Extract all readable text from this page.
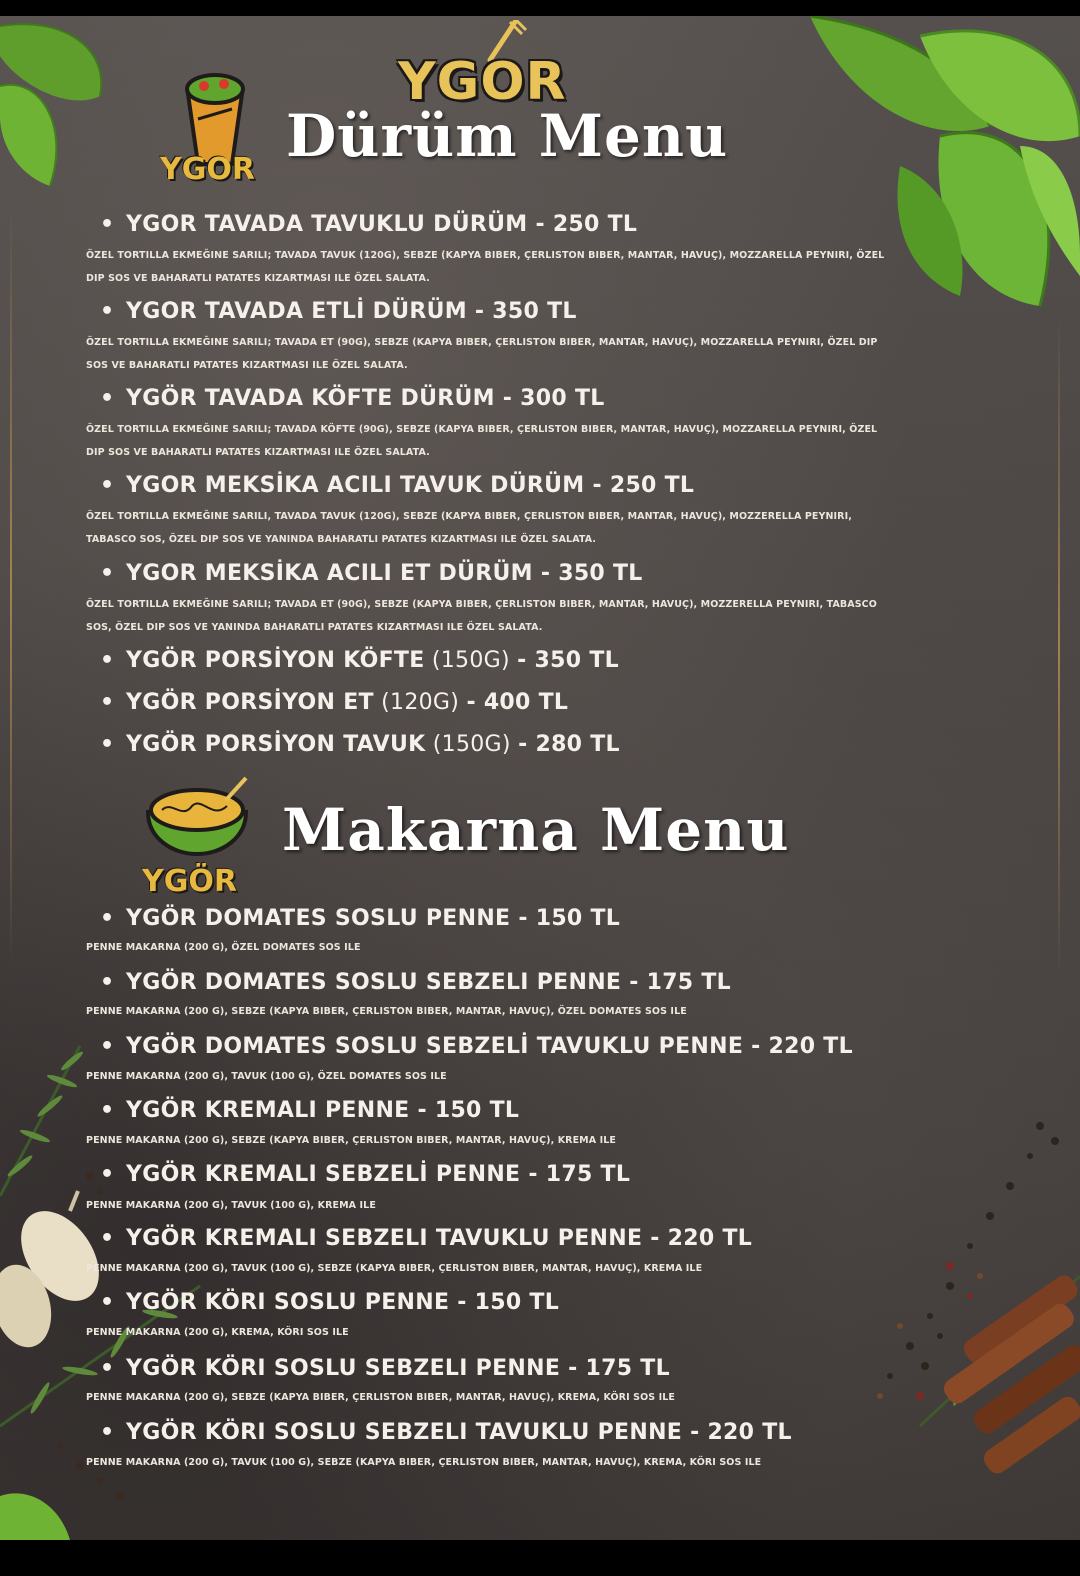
YGOR
YGOR
Dürüm Menu
• YGOR TAVADA TAVUKLU DÜRÜM - 250 TL
ÖZEL TORTILLA EKMEĞINE SARILI; TAVADA TAVUK (120G), SEBZE (KAPYA BIBER, ÇERLISTON BIBER, MANTAR, HAVUÇ), MOZZARELLA PEYNIRI, ÖZEL DIP SOS VE BAHARATLI PATATES KIZARTMASI ILE ÖZEL SALATA.
• YGOR TAVADA ETLİ DÜRÜM - 350 TL
ÖZEL TORTILLA EKMEĞINE SARILI; TAVADA ET (90G), SEBZE (KAPYA BIBER, ÇERLISTON BIBER, MANTAR, HAVUÇ), MOZZARELLA PEYNIRI, ÖZEL DIP SOS VE BAHARATLI PATATES KIZARTMASI ILE ÖZEL SALATA.
• YGÖR TAVADA KÖFTE DÜRÜM - 300 TL
ÖZEL TORTILLA EKMEĞINE SARILI; TAVADA KÖFTE (90G), SEBZE (KAPYA BIBER, ÇERLISTON BIBER, MANTAR, HAVUÇ), MOZZARELLA PEYNIRI, ÖZEL DIP SOS VE BAHARATLI PATATES KIZARTMASI ILE ÖZEL SALATA.
• YGOR MEKSİKA ACILI TAVUK DÜRÜM - 250 TL
ÖZEL TORTILLA EKMEĞINE SARILI, TAVADA TAVUK (120G), SEBZE (KAPYA BIBER, ÇERLISTON BIBER, MANTAR, HAVUÇ), MOZZERELLA PEYNIRI, TABASCO SOS, ÖZEL DIP SOS VE YANINDA BAHARATLI PATATES KIZARTMASI ILE ÖZEL SALATA.
• YGOR MEKSİKA ACILI ET DÜRÜM - 350 TL
ÖZEL TORTILLA EKMEĞINE SARILI; TAVADA ET (90G), SEBZE (KAPYA BIBER, ÇERLISTON BIBER, MANTAR, HAVUÇ), MOZZERELLA PEYNIRI, TABASCO SOS, ÖZEL DIP SOS VE YANINDA BAHARATLI PATATES KIZARTMASI ILE ÖZEL SALATA.
• YGÖR PORSİYON KÖFTE (150G) - 350 TL
• YGÖR PORSİYON ET (120G) - 400 TL
• YGÖR PORSİYON TAVUK (150G) - 280 TL
YGÖR
Makarna Menu
• YGÖR DOMATES SOSLU PENNE - 150 TL
PENNE MAKARNA (200 G), ÖZEL DOMATES SOS ILE
• YGÖR DOMATES SOSLU SEBZELI PENNE - 175 TL
PENNE MAKARNA (200 G), SEBZE (KAPYA BIBER, ÇERLISTON BIBER, MANTAR, HAVUÇ), ÖZEL DOMATES SOS ILE
• YGÖR DOMATES SOSLU SEBZELİ TAVUKLU PENNE - 220 TL
PENNE MAKARNA (200 G), TAVUK (100 G), ÖZEL DOMATES SOS ILE
• YGÖR KREMALI PENNE - 150 TL
PENNE MAKARNA (200 G), SEBZE (KAPYA BIBER, ÇERLISTON BIBER, MANTAR, HAVUÇ), KREMA ILE
• YGÖR KREMALI SEBZELİ PENNE - 175 TL
PENNE MAKARNA (200 G), TAVUK (100 G), KREMA ILE
• YGÖR KREMALI SEBZELI TAVUKLU PENNE - 220 TL
PENNE MAKARNA (200 G), TAVUK (100 G), SEBZE (KAPYA BIBER, ÇERLISTON BIBER, MANTAR, HAVUÇ), KREMA ILE
• YGÖR KÖRI SOSLU PENNE - 150 TL
PENNE MAKARNA (200 G), KREMA, KÖRI SOS ILE
• YGÖR KÖRI SOSLU SEBZELI PENNE - 175 TL
PENNE MAKARNA (200 G), SEBZE (KAPYA BIBER, ÇERLISTON BIBER, MANTAR, HAVUÇ), KREMA, KÖRI SOS ILE
• YGÖR KÖRI SOSLU SEBZELI TAVUKLU PENNE - 220 TL
PENNE MAKARNA (200 G), TAVUK (100 G), SEBZE (KAPYA BIBER, ÇERLISTON BIBER, MANTAR, HAVUÇ), KREMA, KÖRI SOS ILE
